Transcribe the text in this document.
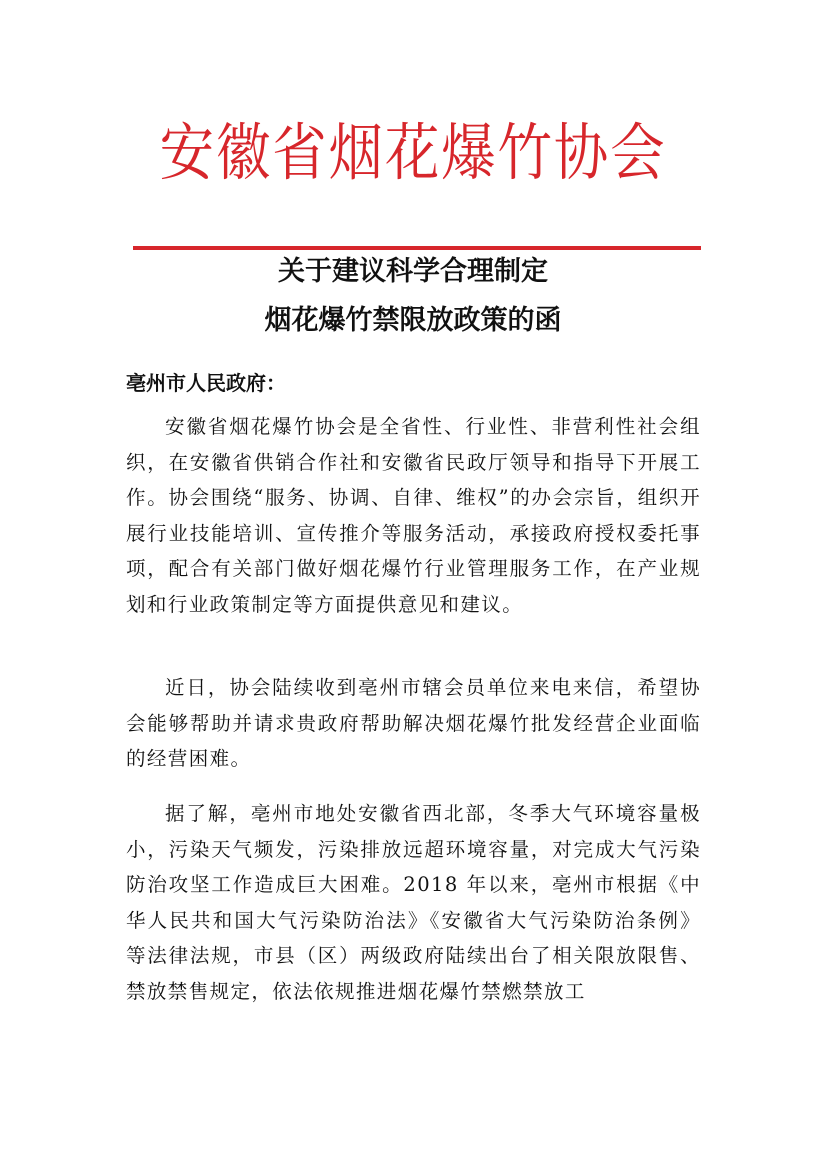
安徽省烟花爆竹协会
关于建议科学合理制定
烟花爆竹禁限放政策的函
亳州市人民政府：

安徽省烟花爆竹协会是全省性、行业性、非营利性社会组织，在安徽省供销合作社和安徽省民政厅领导和指导下开展工作。协会围绕“服务、协调、自律、维权”的办会宗旨，组织开展行业技能培训、宣传推介等服务活动，承接政府授权委托事项，配合有关部门做好烟花爆竹行业管理服务工作，在产业规划和行业政策制定等方面提供意见和建议。

近日，协会陆续收到亳州市辖会员单位来电来信，希望协会能够帮助并请求贵政府帮助解决烟花爆竹批发经营企业面临的经营困难。

据了解，亳州市地处安徽省西北部，冬季大气环境容量极小，污染天气频发，污染排放远超环境容量，对完成大气污染防治攻坚工作造成巨大困难。2018 年以来，亳州市根据《中华人民共和国大气污染防治法》《安徽省大气污染防治条例》等法律法规，市县（区）两级政府陆续出台了相关限放限售、禁放禁售规定，依法依规推进烟花爆竹禁燃禁放工
